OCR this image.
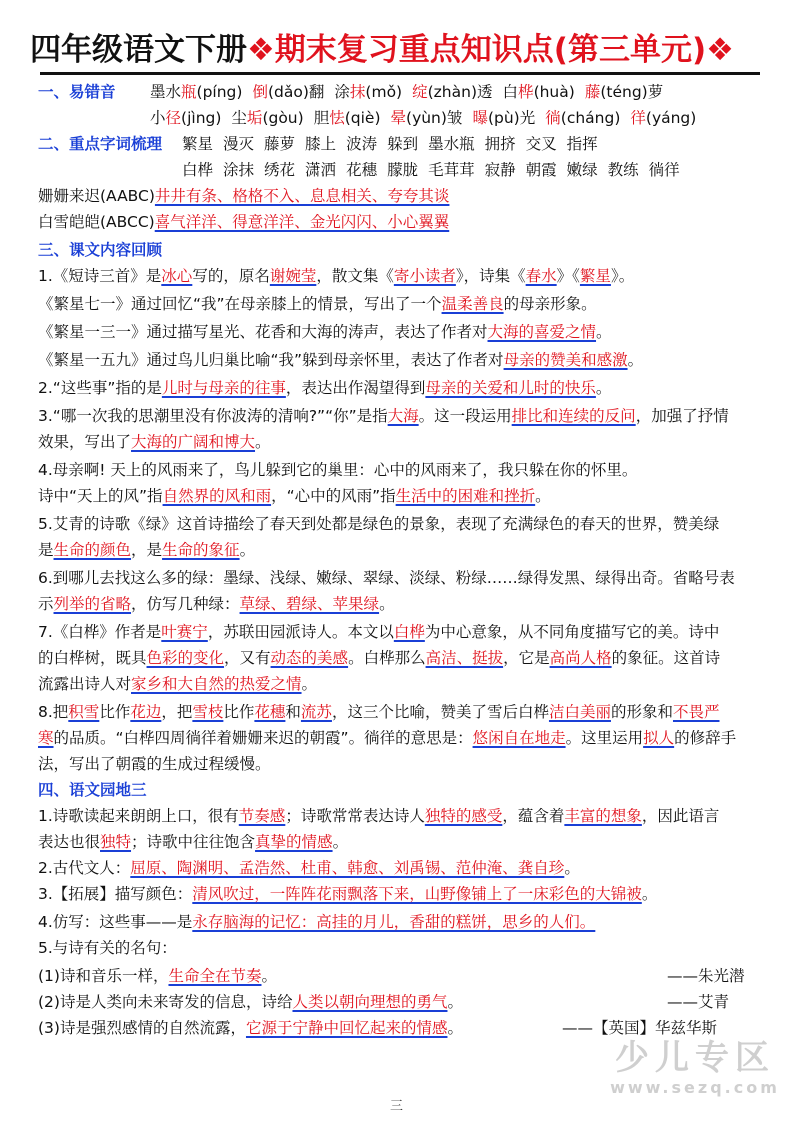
四年级语文下册❖期末复习重点知识点(第三单元)❖
一、易错音 墨水瓶(píng) 倒(dǎo)翻 涂抹(mǒ) 绽(zhàn)透 白桦(huà) 藤(téng)萝
小径(jìng) 尘垢(gòu) 胆怯(qiè) 晕(yùn)皱 曝(pù)光 徜(cháng) 徉(yáng)
二、重点字词梳理 繁星 漫灭 藤萝 膝上 波涛 躲到 墨水瓶 拥挤 交叉 指挥
白桦 涂抹 绣花 潇洒 花穗 朦胧 毛茸茸 寂静 朝霞 嫩绿 教练 徜徉
姗姗来迟(AABC)井井有条、格格不入、息息相关、夸夸其谈
白雪皑皑(ABCC)喜气洋洋、得意洋洋、金光闪闪、小心翼翼
三、课文内容回顾
1.《短诗三首》是冰心写的，原名谢婉莹，散文集《寄小读者》，诗集《春水》《繁星》。
《繁星七一》通过回忆“我”在母亲膝上的情景，写出了一个温柔善良的母亲形象。
《繁星一三一》通过描写星光、花香和大海的涛声，表达了作者对大海的喜爱之情。
《繁星一五九》通过鸟儿归巢比喻“我”躲到母亲怀里，表达了作者对母亲的赞美和感激。
2.“这些事”指的是儿时与母亲的往事，表达出作渴望得到母亲的关爱和儿时的快乐。
3.“哪一次我的思潮里没有你波涛的清响?”“你”是指大海。这一段运用排比和连续的反问，加强了抒情
效果，写出了大海的广阔和博大。
4.母亲啊! 天上的风雨来了，鸟儿躲到它的巢里：心中的风雨来了，我只躲在你的怀里。
诗中“天上的风”指自然界的风和雨，“心中的风雨”指生活中的困难和挫折。
5.艾青的诗歌《绿》这首诗描绘了春天到处都是绿色的景象，表现了充满绿色的春天的世界，赞美绿
是生命的颜色，是生命的象征。
6.到哪儿去找这么多的绿：墨绿、浅绿、嫩绿、翠绿、淡绿、粉绿……绿得发黑、绿得出奇。省略号表
示列举的省略，仿写几种绿：草绿、碧绿、苹果绿。
7.《白桦》作者是叶赛宁，苏联田园派诗人。本文以白桦为中心意象，从不同角度描写它的美。诗中
的白桦树，既具色彩的变化，又有动态的美感。白桦那么高洁、挺拔，它是高尚人格的象征。这首诗
流露出诗人对家乡和大自然的热爱之情。
8.把积雪比作花边，把雪枝比作花穗和流苏，这三个比喻，赞美了雪后白桦洁白美丽的形象和不畏严
寒的品质。“白桦四周徜徉着姗姗来迟的朝霞”。徜徉的意思是：悠闲自在地走。这里运用拟人的修辞手
法，写出了朝霞的生成过程缓慢。
四、语文园地三
1.诗歌读起来朗朗上口，很有节奏感；诗歌常常表达诗人独特的感受，蕴含着丰富的想象，因此语言
表达也很独特；诗歌中往往饱含真挚的情感。
2.古代文人：屈原、陶渊明、孟浩然、杜甫、韩愈、刘禹锡、范仲淹、龚自珍。
3.【拓展】描写颜色：清风吹过，一阵阵花雨飘落下来，山野像铺上了一床彩色的大锦被。
4.仿写：这些事——是永存脑海的记忆：高挂的月儿，香甜的糕饼，思乡的人们。
5.与诗有关的名句：
(1)诗和音乐一样，生命全在节奏。	——朱光潜
(2)诗是人类向未来寄发的信息，诗给人类以朝向理想的勇气。	——艾青
(3)诗是强烈感情的自然流露，它源于宁静中回忆起来的情感。	——【英国】华兹华斯
少儿专区
www.sezq.com
三
